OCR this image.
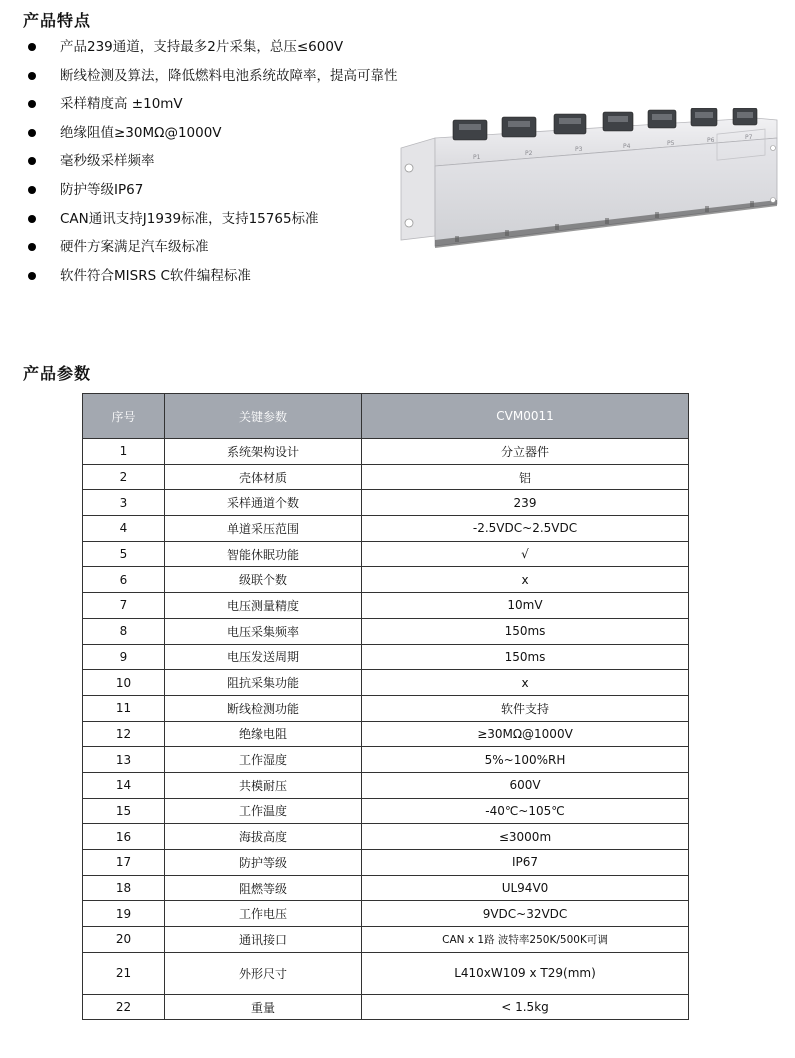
产品特点
产品239通道，支持最多2片采集，总压≤600V
断线检测及算法，降低燃料电池系统故障率，提高可靠性
采样精度高 ±10mV
绝缘阻值≥30MΩ@1000V
毫秒级采样频率
防护等级IP67
CAN通讯支持J1939标准，支持15765标准
硬件方案满足汽车级标准
软件符合MISRS C软件编程标准
P1
P2
P3	P4	P5	P6	P7
产品参数
序号	关键参数	CVM0011
1	系统架构设计	分立器件
2	壳体材质	铝
3	采样通道个数	239
4	单道采压范围	-2.5VDC~2.5VDC
5	智能休眠功能	√
6	级联个数	x
7	电压测量精度	10mV
8	电压采集频率	150ms
9	电压发送周期	150ms
10	阻抗采集功能	x
11	断线检测功能	软件支持
12	绝缘电阻	≥30MΩ@1000V
13	工作湿度	5%~100%RH
14	共模耐压	600V
15	工作温度	-40℃~105℃
16	海拔高度	≤3000m
17	防护等级	IP67
18	阻燃等级	UL94V0
19	工作电压	9VDC~32VDC
20	通讯接口	CAN x 1路 波特率250K/500K可调
21	外形尺寸	L410xW109 x T29(mm)
22	重量	< 1.5kg
